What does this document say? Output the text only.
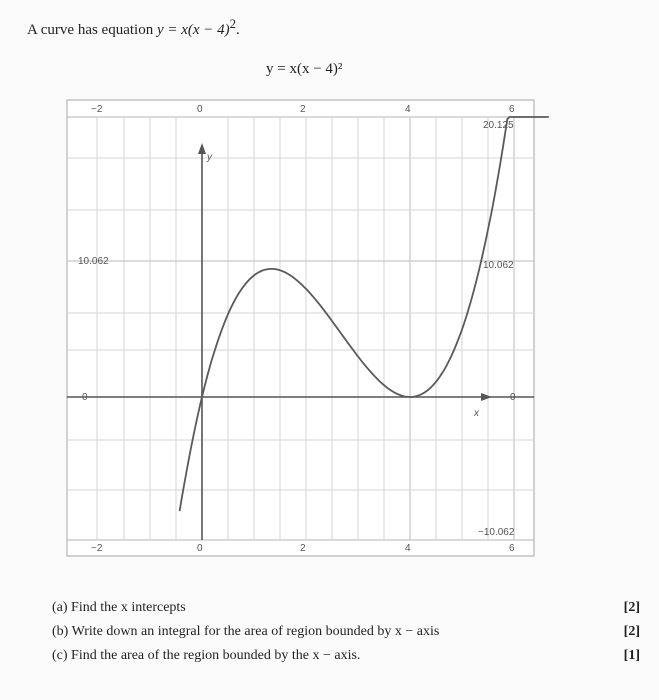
A curve has equation $y = x(x - 4)^2$.
y = x(x − 4)²
y
x
−2	0	2	4	6
−2	0	2	4	6
10.062
0
20.125
10.062
0
−10.062
(a) Find the x intercepts	[2]
(b) Write down an integral for the area of region bounded by x − axis	[2]
(c) Find the area of the region bounded by the x − axis.	[1]
